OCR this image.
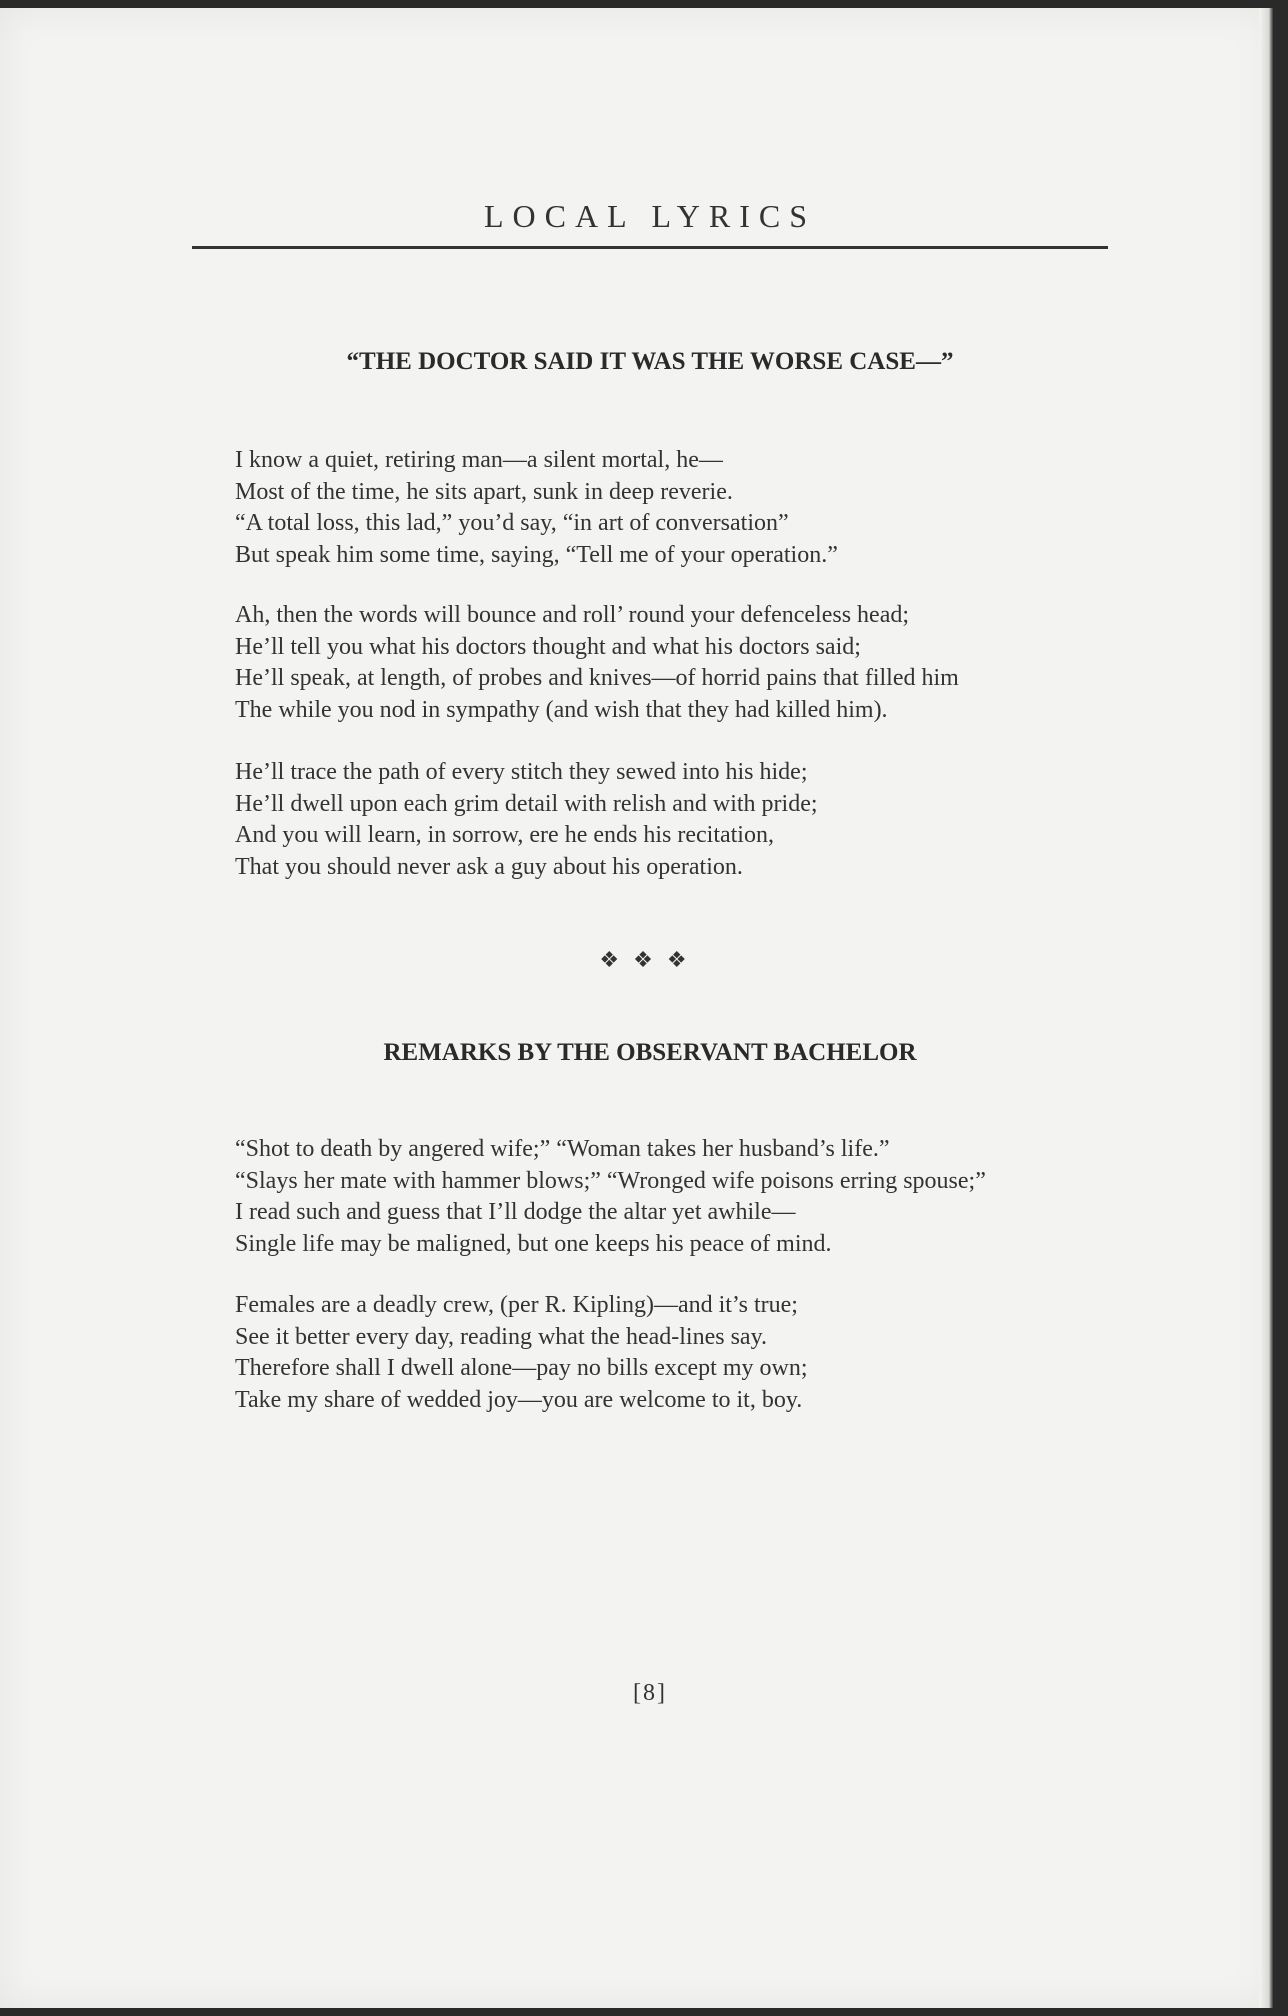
LOCAL LYRICS
“THE DOCTOR SAID IT WAS THE WORSE CASE—”
I know a quiet, retiring man—a silent mortal, he—
Most of the time, he sits apart, sunk in deep reverie.
“A total loss, this lad,” you’d say, “in art of conversation”
But speak him some time, saying, “Tell me of your operation.”
Ah, then the words will bounce and roll’ round your defenceless head;
He’ll tell you what his doctors thought and what his doctors said;
He’ll speak, at length, of probes and knives—of horrid pains that filled him
The while you nod in sympathy (and wish that they had killed him).
He’ll trace the path of every stitch they sewed into his hide;
He’ll dwell upon each grim detail with relish and with pride;
And you will learn, in sorrow, ere he ends his recitation,
That you should never ask a guy about his operation.
❖❖❖
REMARKS BY THE OBSERVANT BACHELOR
“Shot to death by angered wife;” “Woman takes her husband’s life.”
“Slays her mate with hammer blows;” “Wronged wife poisons erring spouse;”
I read such and guess that I’ll dodge the altar yet awhile—
Single life may be maligned, but one keeps his peace of mind.
Females are a deadly crew, (per R. Kipling)—and it’s true;
See it better every day, reading what the head-lines say.
Therefore shall I dwell alone—pay no bills except my own;
Take my share of wedded joy—you are welcome to it, boy.
[8]
